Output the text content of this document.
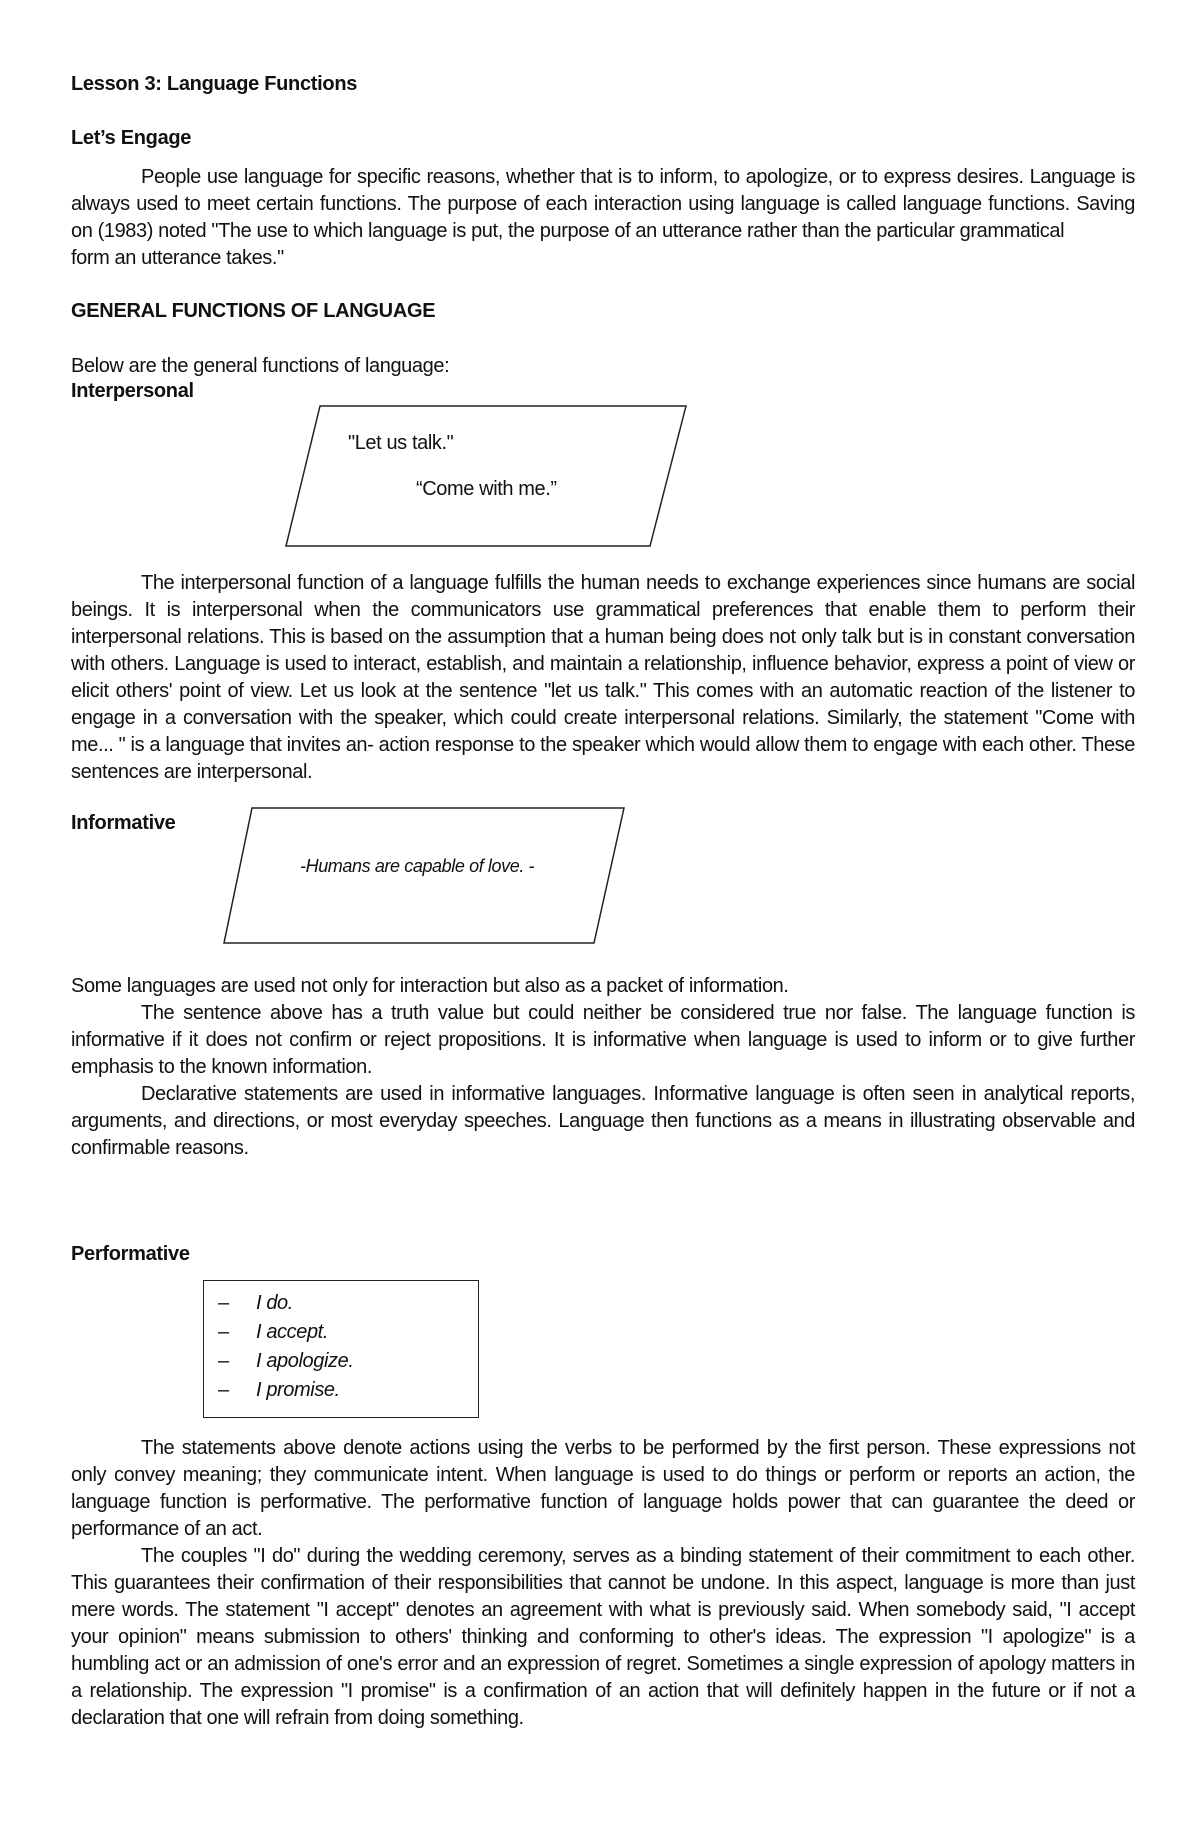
Lesson 3: Language Functions
Let’s Engage

People use language for specific reasons, whether that is to inform, to apologize, or to express desires. Language is always used to meet certain functions. The purpose of each interaction using language is called language functions. Saving on (1983) noted "The use to which language is put, the purpose of an utterance rather than the particular grammatical

form an utterance takes."

GENERAL FUNCTIONS OF LANGUAGE
Below are the general functions of language:
Interpersonal
"Let us talk."
“Come with me.”

The interpersonal function of a language fulfills the human needs to exchange experiences since humans are social beings. It is interpersonal when the communicators use grammatical preferences that enable them to perform their interpersonal relations. This is based on the assumption that a human being does not only talk but is in constant conversation with others. Language is used to interact, establish, and maintain a relationship, influence behavior, express a point of view or elicit others' point of view. Let us look at the sentence "let us talk." This comes with an automatic reaction of the listener to engage in a conversation with the speaker, which could create interpersonal relations. Similarly, the statement "Come with me... " is a language that invites an- action response to the speaker which would allow them to engage with each other. These sentences are interpersonal.

Informative
-Humans are capable of love. -

Some languages are used not only for interaction but also as a packet of information.

The sentence above has a truth value but could neither be considered true nor false. The language function is informative if it does not confirm or reject propositions. It is informative when language is used to inform or to give further emphasis to the known information.

Declarative statements are used in informative languages. Informative language is often seen in analytical reports, arguments, and directions, or most everyday speeches. Language then functions as a means in illustrating observable and confirmable reasons.

Performative
– I do.
– I accept.
– I apologize.
– I promise.

The statements above denote actions using the verbs to be performed by the first person. These expressions not only convey meaning; they communicate intent. When language is used to do things or perform or reports an action, the language function is performative. The performative function of language holds power that can guarantee the deed or performance of an act.

The couples "I do" during the wedding ceremony, serves as a binding statement of their commitment to each other. This guarantees their confirmation of their responsibilities that cannot be undone. In this aspect, language is more than just mere words. The statement "I accept" denotes an agreement with what is previously said. When somebody said, "I accept your opinion" means submission to others' thinking and conforming to other's ideas. The expression "I apologize" is a humbling act or an admission of one's error and an expression of regret. Sometimes a single expression of apology matters in a relationship. The expression "I promise" is a confirmation of an action that will definitely happen in the future or if not a declaration that one will refrain from doing something.
